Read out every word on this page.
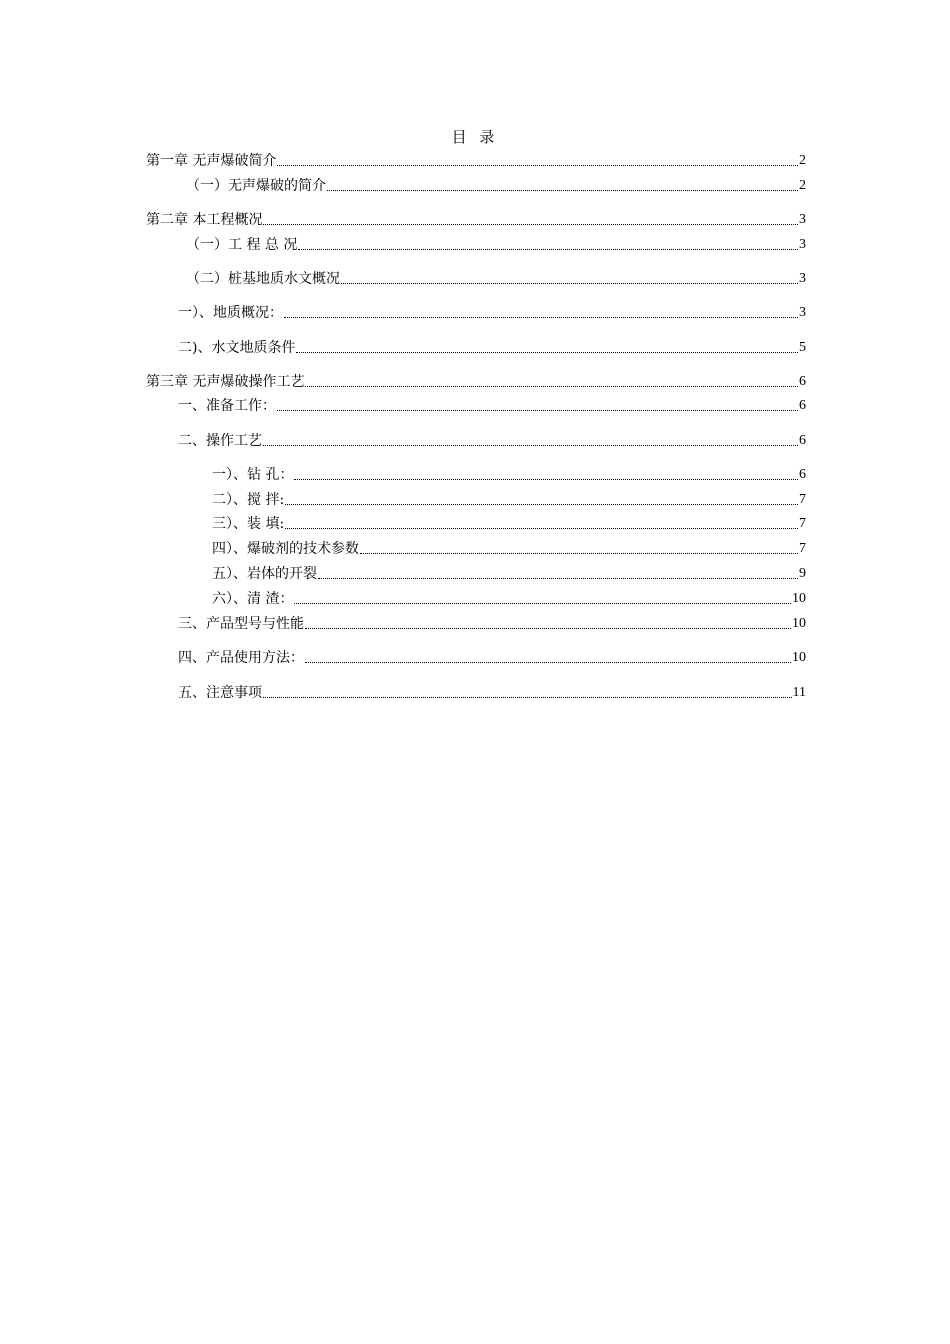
目 录
第一章 无声爆破简介	2
（一）无声爆破的简介	2
第二章 本工程概况	3
（一）工 程 总 况	3
（二）桩基地质水文概况	3
一）、地质概况：	3
二)、水文地质条件	5
第三章 无声爆破操作工艺	6
一、准备工作：	6
二、操作工艺	6
一）、钻 孔：	6
二）、搅 拌:	7
三）、装 填:	7
四）、爆破剂的技术参数	7
五）、岩体的开裂	9
六）、清 渣：	10
三、产品型号与性能	10
四、产品使用方法：	10
五、注意事项	11
